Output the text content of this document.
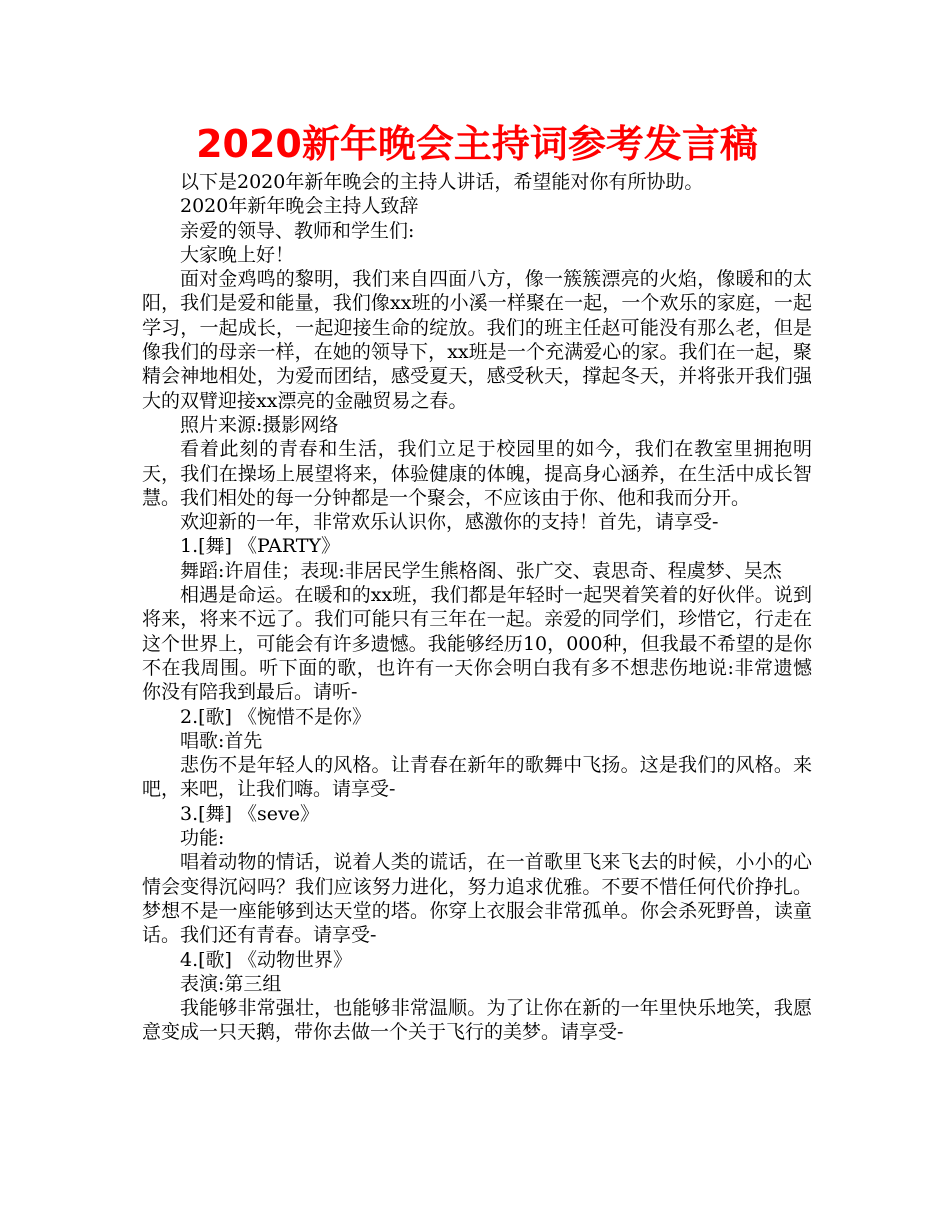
2020新年晚会主持词参考发言稿

以下是2020年新年晚会的主持人讲话，希望能对你有所协助。

2020年新年晚会主持人致辞

亲爱的领导、教师和学生们:

大家晚上好！

面对金鸡鸣的黎明，我们来自四面八方，像一簇簇漂亮的火焰，像暖和的太阳，我们是爱和能量，我们像xx班的小溪一样聚在一起，一个欢乐的家庭，一起学习，一起成长，一起迎接生命的绽放。我们的班主任赵可能没有那么老，但是像我们的母亲一样，在她的领导下，xx班是一个充满爱心的家。我们在一起，聚精会神地相处，为爱而团结，感受夏天，感受秋天，撑起冬天，并将张开我们强大的双臂迎接xx漂亮的金融贸易之春。

照片来源:摄影网络

看着此刻的青春和生活，我们立足于校园里的如今，我们在教室里拥抱明天，我们在操场上展望将来，体验健康的体魄，提高身心涵养，在生活中成长智慧。我们相处的每一分钟都是一个聚会，不应该由于你、他和我而分开。

欢迎新的一年，非常欢乐认识你，感激你的支持！首先，请享受-

1.[舞] 《PARTY》

舞蹈:许眉佳；表现:非居民学生熊格阁、张广交、袁思奇、程虞梦、吴杰

相遇是命运。在暖和的xx班，我们都是年轻时一起哭着笑着的好伙伴。说到将来，将来不远了。我们可能只有三年在一起。亲爱的同学们，珍惜它，行走在这个世界上，可能会有许多遗憾。我能够经历10，000种，但我最不希望的是你不在我周围。听下面的歌，也许有一天你会明白我有多不想悲伤地说:非常遗憾你没有陪我到最后。请听-

2.[歌] 《惋惜不是你》

唱歌:首先

悲伤不是年轻人的风格。让青春在新年的歌舞中飞扬。这是我们的风格。来吧，来吧，让我们嗨。请享受-

3.[舞] 《seve》

功能:

唱着动物的情话，说着人类的谎话，在一首歌里飞来飞去的时候，小小的心情会变得沉闷吗？我们应该努力进化，努力追求优雅。不要不惜任何代价挣扎。梦想不是一座能够到达天堂的塔。你穿上衣服会非常孤单。你会杀死野兽，读童话。我们还有青春。请享受-

4.[歌] 《动物世界》

表演:第三组

我能够非常强壮，也能够非常温顺。为了让你在新的一年里快乐地笑，我愿意变成一只天鹅，带你去做一个关于飞行的美梦。请享受-
